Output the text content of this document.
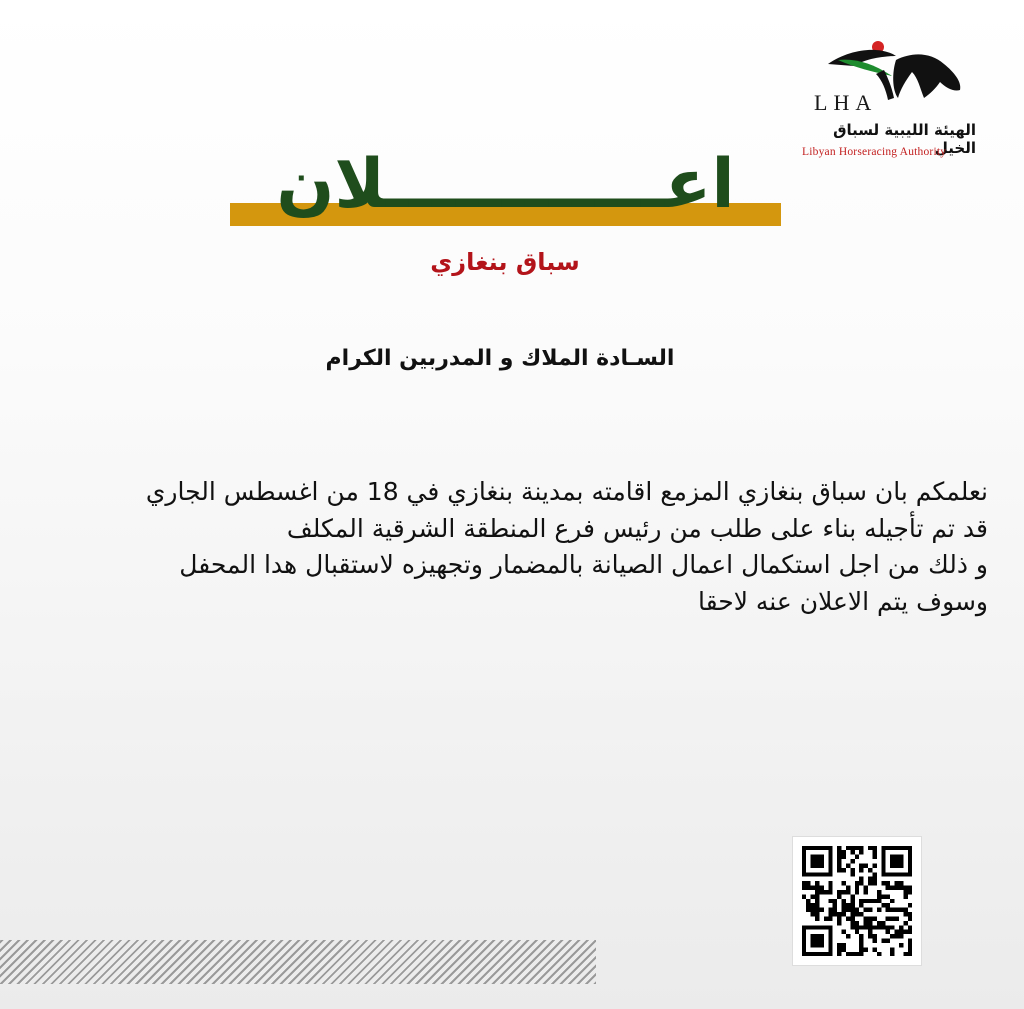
LHA
الهيئة الليبية لسباق الخيل
Libyan Horseracing Authority
اعــــــــــــلان
سباق بنغازي
السـادة الملاك و المدربين الكرام
نعلمكم بان سباق بنغازي المزمع اقامته بمدينة بنغازي في 18 من اغسطس الجاري
قد تم تأجيله بناء على طلب من رئيس فرع المنطقة الشرقية المكلف
و ذلك من اجل استكمال اعمال الصيانة بالمضمار وتجهيزه لاستقبال هدا المحفل
وسوف يتم الاعلان عنه لاحقا
